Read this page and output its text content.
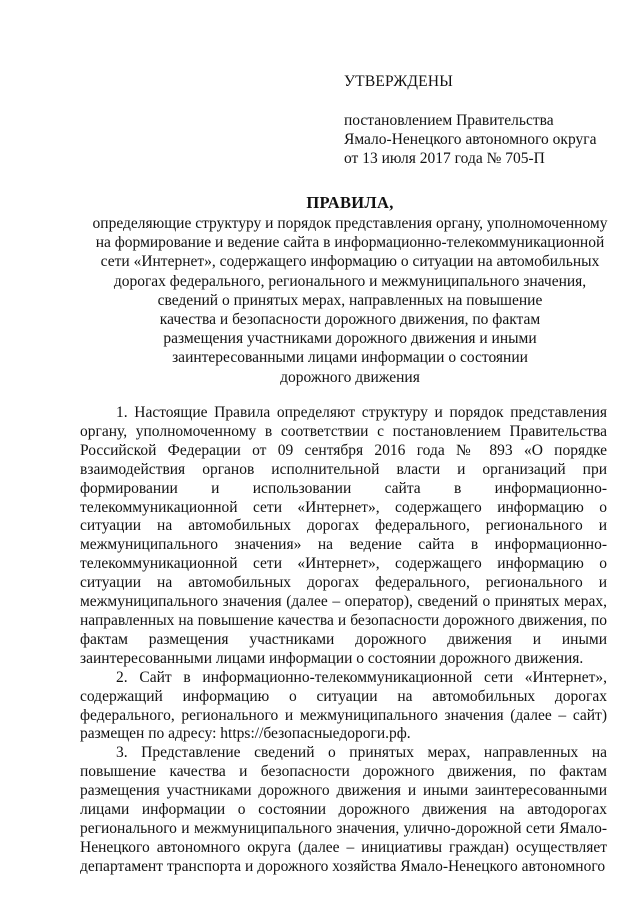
УТВЕРЖДЕНЫ
постановлением Правительства
Ямало-Ненецкого автономного округа
от 13 июля 2017 года № 705-П
ПРАВИЛА,
определяющие структуру и порядок представления органу, уполномоченному
на формирование и ведение сайта в информационно-телекоммуникационной
сети «Интернет», содержащего информацию о ситуации на автомобильных
дорогах федерального, регионального и межмуниципального значения,
сведений о принятых мерах, направленных на повышение
качества и безопасности дорожного движения, по фактам
размещения участниками дорожного движения и иными
заинтересованными лицами информации о состоянии
дорожного движения

1. Настоящие Правила определяют структуру и порядок представления органу, уполномоченному в соответствии с постановлением Правительства Российской Федерации от 09 сентября 2016 года № 893 «О порядке взаимодействия органов исполнительной власти и организаций при формировании и использовании сайта в информационно-телекоммуникационной сети «Интернет», содержащего информацию о ситуации на автомобильных дорогах федерального, регионального и межмуниципального значения» на ведение сайта в информационно-телекоммуникационной сети «Интернет», содержащего информацию о ситуации на автомобильных дорогах федерального, регионального и межмуниципального значения (далее – оператор), сведений о принятых мерах, направленных на повышение качества и безопасности дорожного движения, по фактам размещения участниками дорожного движения и иными заинтересованными лицами информации о состоянии дорожного движения.

2. Сайт в информационно-телекоммуникационной сети «Интернет», содержащий информацию о ситуации на автомобильных дорогах федерального, регионального и межмуниципального значения (далее – сайт) размещен по адресу: https://безопасныедороги.рф.

3. Представление сведений о принятых мерах, направленных на повышение качества и безопасности дорожного движения, по фактам размещения участниками дорожного движения и иными заинтересованными лицами информации о состоянии дорожного движения на автодорогах регионального и межмуниципального значения, улично-дорожной сети Ямало-Ненецкого автономного округа (далее – инициативы граждан) осуществляет департамент транспорта и дорожного хозяйства Ямало-Ненецкого автономного
